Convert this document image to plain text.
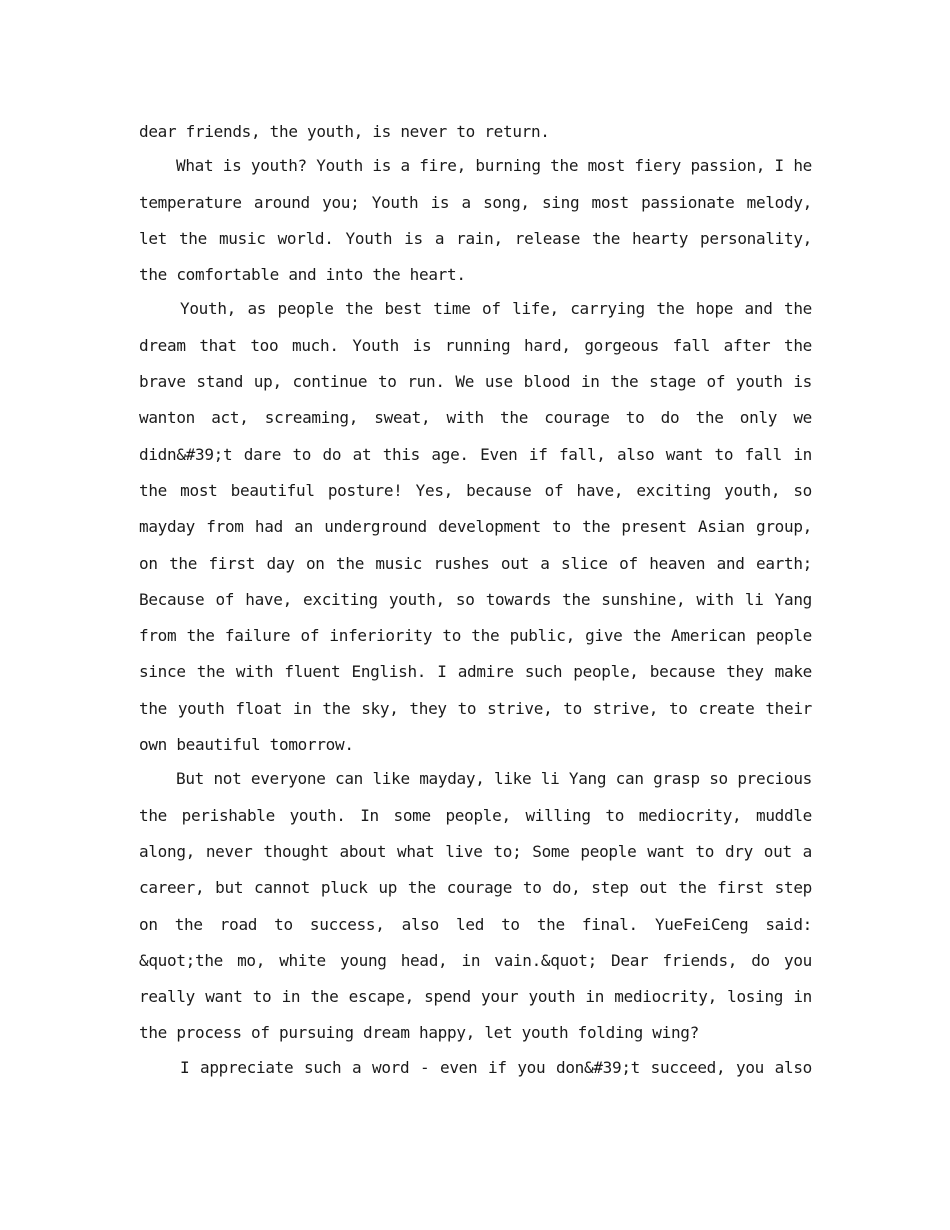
dear friends, the youth, is never to return.

What is youth? Youth is a fire, burning the most fiery passion, I he temperature around you; Youth is a song, sing most passionate melody, let the music world. Youth is a rain, release the hearty personality, the comfortable and into the heart.

Youth, as people the best time of life, carrying the hope and the dream that too much. Youth is running hard, gorgeous fall after the brave stand up, continue to run. We use blood in the stage of youth is wanton act, screaming, sweat, with the courage to do the only we didn&#39;t dare to do at this age. Even if fall, also want to fall in the most beautiful posture! Yes, because of have, exciting youth, so mayday from had an underground development to the present Asian group, on the first day on the music rushes out a slice of heaven and earth; Because of have, exciting youth, so towards the sunshine, with li Yang from the failure of inferiority to the public, give the American people since the with fluent English. I admire such people, because they make the youth float in the sky, they to strive, to strive, to create their own beautiful tomorrow.

But not everyone can like mayday, like li Yang can grasp so precious the perishable youth. In some people, willing to mediocrity, muddle along, never thought about what live to; Some people want to dry out a career, but cannot pluck up the courage to do, step out the first step on the road to success, also led to the final. YueFeiCeng said: &quot;the mo, white young head, in vain.&quot; Dear friends, do you really want to in the escape, spend your youth in mediocrity, losing in the process of pursuing dream happy, let youth folding wing?

I appreciate such a word - even if you don&#39;t succeed, you also
